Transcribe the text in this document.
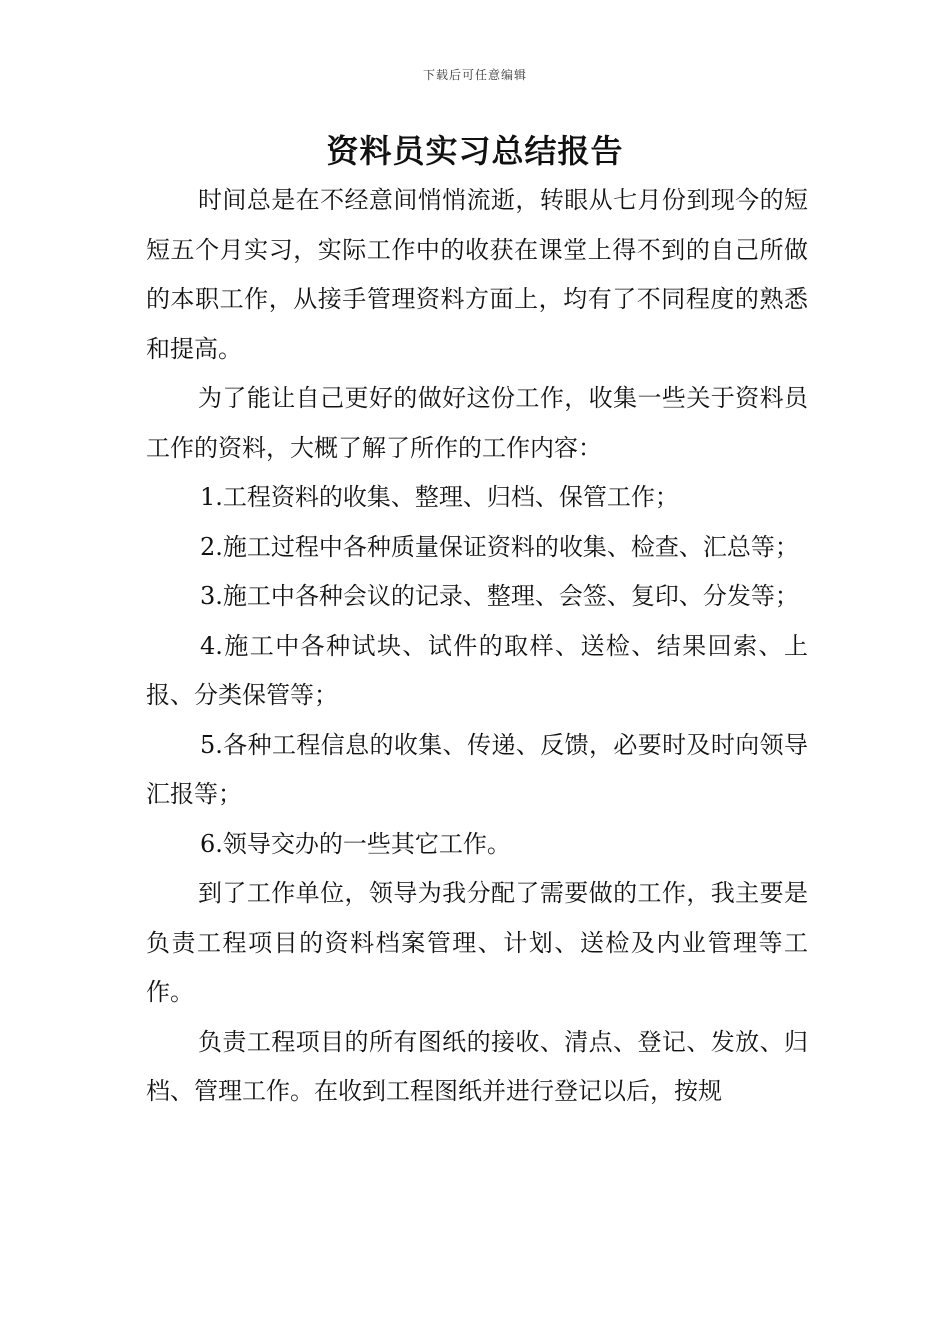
下载后可任意编辑
资料员实习总结报告

时间总是在不经意间悄悄流逝，转眼从七月份到现今的短短五个月实习，实际工作中的收获在课堂上得不到的自己所做的本职工作，从接手管理资料方面上，均有了不同程度的熟悉和提高。

为了能让自己更好的做好这份工作，收集一些关于资料员工作的资料，大概了解了所作的工作内容：

1.工程资料的收集、整理、归档、保管工作；

2.施工过程中各种质量保证资料的收集、检查、汇总等；

3.施工中各种会议的记录、整理、会签、复印、分发等；

4.施工中各种试块、试件的取样、送检、结果回索、上报、分类保管等；

5.各种工程信息的收集、传递、反馈，必要时及时向领导汇报等；

6.领导交办的一些其它工作。

到了工作单位，领导为我分配了需要做的工作，我主要是负责工程项目的资料档案管理、计划、送检及内业管理等工作。

负责工程项目的所有图纸的接收、清点、登记、发放、归档、管理工作。在收到工程图纸并进行登记以后，按规
